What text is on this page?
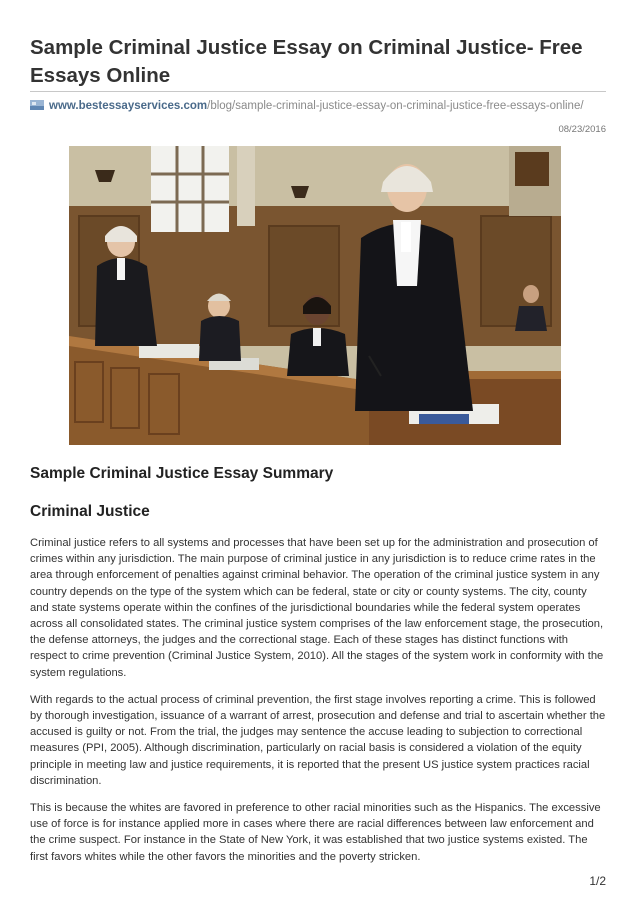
Sample Criminal Justice Essay on Criminal Justice- Free Essays Online
www.bestessayservices.com/blog/sample-criminal-justice-essay-on-criminal-justice-free-essays-online/
08/23/2016
Sample Criminal Justice Essay Summary
Criminal Justice

Criminal justice refers to all systems and processes that have been set up for the administration and prosecution of crimes within any jurisdiction. The main purpose of criminal justice in any jurisdiction is to reduce crime rates in the area through enforcement of penalties against criminal behavior. The operation of the criminal justice system in any country depends on the type of the system which can be federal, state or city or county systems. The city, county and state systems operate within the confines of the jurisdictional boundaries while the federal system operates across all consolidated states. The criminal justice system comprises of the law enforcement stage, the prosecution, the defense attorneys, the judges and the correctional stage. Each of these stages has distinct functions with respect to crime prevention (Criminal Justice System, 2010). All the stages of the system work in conformity with the system regulations.

With regards to the actual process of criminal prevention, the first stage involves reporting a crime. This is followed by thorough investigation, issuance of a warrant of arrest, prosecution and defense and trial to ascertain whether the accused is guilty or not. From the trial, the judges may sentence the accuse leading to subjection to correctional measures (PPI, 2005). Although discrimination, particularly on racial basis is considered a violation of the equity principle in meeting law and justice requirements, it is reported that the present US justice system practices racial discrimination.

This is because the whites are favored in preference to other racial minorities such as the Hispanics. The excessive use of force is for instance applied more in cases where there are racial differences between law enforcement and the crime suspect. For instance in the State of New York, it was established that two justice systems existed. The first favors whites while the other favors the minorities and the poverty stricken.

1/2
